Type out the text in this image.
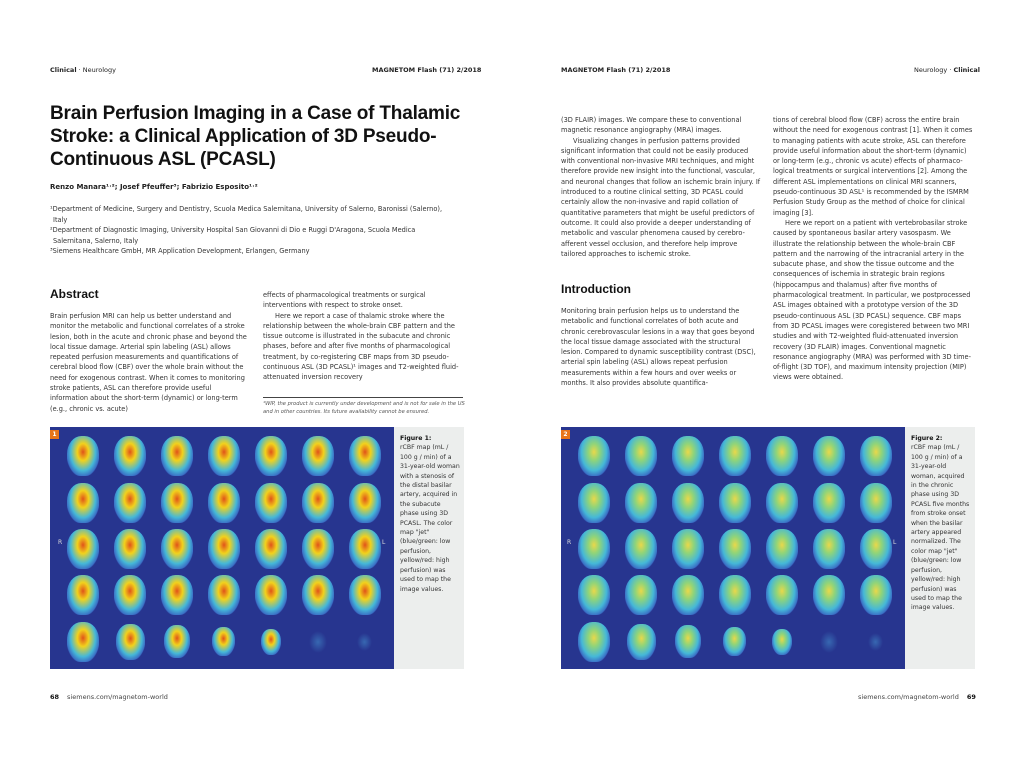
Clinical · Neurology	MAGNETOM Flash (71) 2/2018
Brain Perfusion Imaging in a Case of Thalamic Stroke: a Clinical Application of 3D Pseudo-Continuous ASL (PCASL)
Renzo Manara¹˒²; Josef Pfeuffer³; Fabrizio Esposito¹˒²
¹Department of Medicine, Surgery and Dentistry, Scuola Medica Salernitana, University of Salerno, Baronissi (Salerno), Italy
²Department of Diagnostic Imaging, University Hospital San Giovanni di Dio e Ruggi D'Aragona, Scuola Medica Salernitana, Salerno, Italy
³Siemens Healthcare GmbH, MR Application Development, Erlangen, Germany
Abstract

Brain perfusion MRI can help us better understand and monitor the metabolic and functional correlates of a stroke lesion, both in the acute and chronic phase and beyond the local tissue damage. Arterial spin labeling (ASL) allows repeated perfusion measurements and quantifications of cerebral blood flow (CBF) over the whole brain without the need for exogenous contrast. When it comes to monitoring stroke patients, ASL can therefore provide useful information about the short-term (dynamic) or long-term (e.g., chronic vs. acute)

effects of pharmacological treatments or surgical interventions with respect to stroke onset.

Here we report a case of thalamic stroke where the relationship between the whole-brain CBF pattern and the tissue outcome is illustrated in the subacute and chronic phases, before and after five months of pharmacological treatment, by co-registering CBF maps from 3D pseudo-continuous ASL (3D PCASL)¹ images and T2-weighted fluid-attenuated inversion recovery

¹WIP, the product is currently under development and is not for sale in the US and in other countries. Its future availability cannot be ensured.
1
R	L
Figure 1:
rCBF map (mL / 100 g / min) of a 31-year-old woman with a stenosis of the distal basilar artery, acquired in the subacute phase using 3D PCASL. The color map "jet" (blue/green: low perfusion, yellow/red: high perfusion) was used to map the image values.
68 siemens.com/magnetom-world
MAGNETOM Flash (71) 2/2018	Neurology · Clinical

(3D FLAIR) images. We compare these to conventional magnetic resonance angiography (MRA) images.

Visualizing changes in perfusion patterns provided significant information that could not be easily produced with conventional non-invasive MRI techniques, and might therefore provide new insight into the functional, vascular, and neuronal changes that follow an ischemic brain injury. If introduced to a routine clinical setting, 3D PCASL could certainly allow the non-invasive and rapid collation of quantitative parameters that might be useful predictors of outcome. It could also provide a deeper understanding of metabolic and vascular phenomena caused by cerebro-afferent vessel occlusion, and therefore help improve tailored approaches to ischemic stroke.

Introduction

Monitoring brain perfusion helps us to understand the metabolic and functional correlates of both acute and chronic cerebrovascular lesions in a way that goes beyond the local tissue damage associated with the structural lesion. Compared to dynamic susceptibility contrast (DSC), arterial spin labeling (ASL) allows repeat perfusion measurements within a few hours and over weeks or months. It also provides absolute quantifica-

tions of cerebral blood flow (CBF) across the entire brain without the need for exogenous contrast [1]. When it comes to managing patients with acute stroke, ASL can therefore provide useful information about the short-term (dynamic) or long-term (e.g., chronic vs acute) effects of pharmaco-logical treatments or surgical interventions [2]. Among the different ASL implementations on clinical MRI scanners, pseudo-continuous 3D ASL¹ is recommended by the ISMRM Perfusion Study Group as the method of choice for clinical imaging [3].

Here we report on a patient with vertebrobasilar stroke caused by spontaneous basilar artery vasospasm. We illustrate the relationship between the whole-brain CBF pattern and the narrowing of the intracranial artery in the subacute phase, and show the tissue outcome and the consequences of ischemia in strategic brain regions (hippocampus and thalamus) after five months of pharmacological treatment. In particular, we postprocessed ASL images obtained with a prototype version of the 3D pseudo-continuous ASL (3D PCASL) sequence. CBF maps from 3D PCASL images were coregistered between two MRI studies and with T2-weighted fluid-attenuated inversion recovery (3D FLAIR) images. Conventional magnetic resonance angiography (MRA) was performed with 3D time-of-flight (3D TOF), and maximum intensity projection (MIP) views were obtained.

2
R	L
Figure 2:
rCBF map (mL / 100 g / min) of a 31-year-old woman, acquired in the chronic phase using 3D PCASL five months from stroke onset when the basilar artery appeared normalized. The color map "jet" (blue/green: low perfusion, yellow/red: high perfusion) was used to map the image values.
siemens.com/magnetom-world 69
